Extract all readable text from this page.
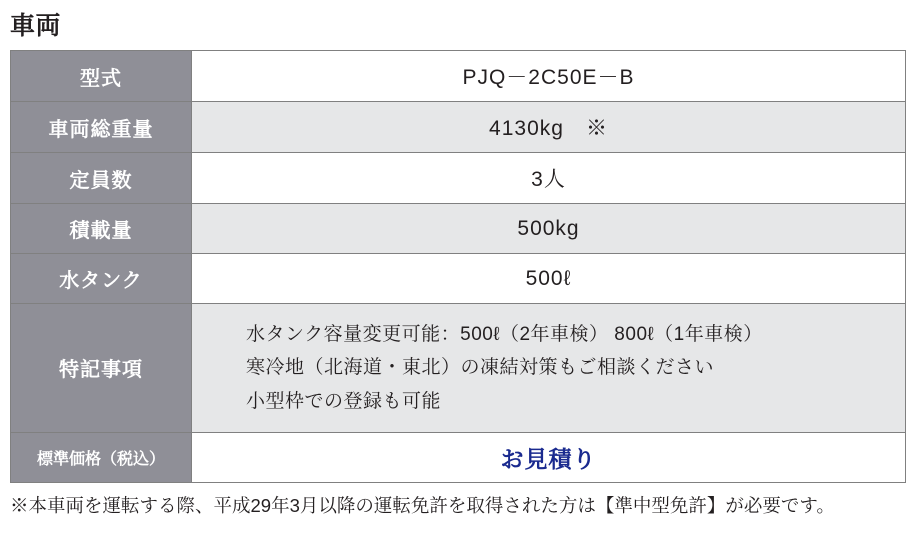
車両
型式	PJQ－2C50E－B
車両総重量	4130kg　※
定員数	3人
積載量	500kg
水タンク	500ℓ
特記事項	水タンク容量変更可能：500ℓ（2年車検） 800ℓ（1年車検）
寒冷地（北海道・東北）の凍結対策もご相談ください
小型枠での登録も可能

標準価格（税込）	お見積り
※本車両を運転する際、平成29年3月以降の運転免許を取得された方は【準中型免許】が必要です。
